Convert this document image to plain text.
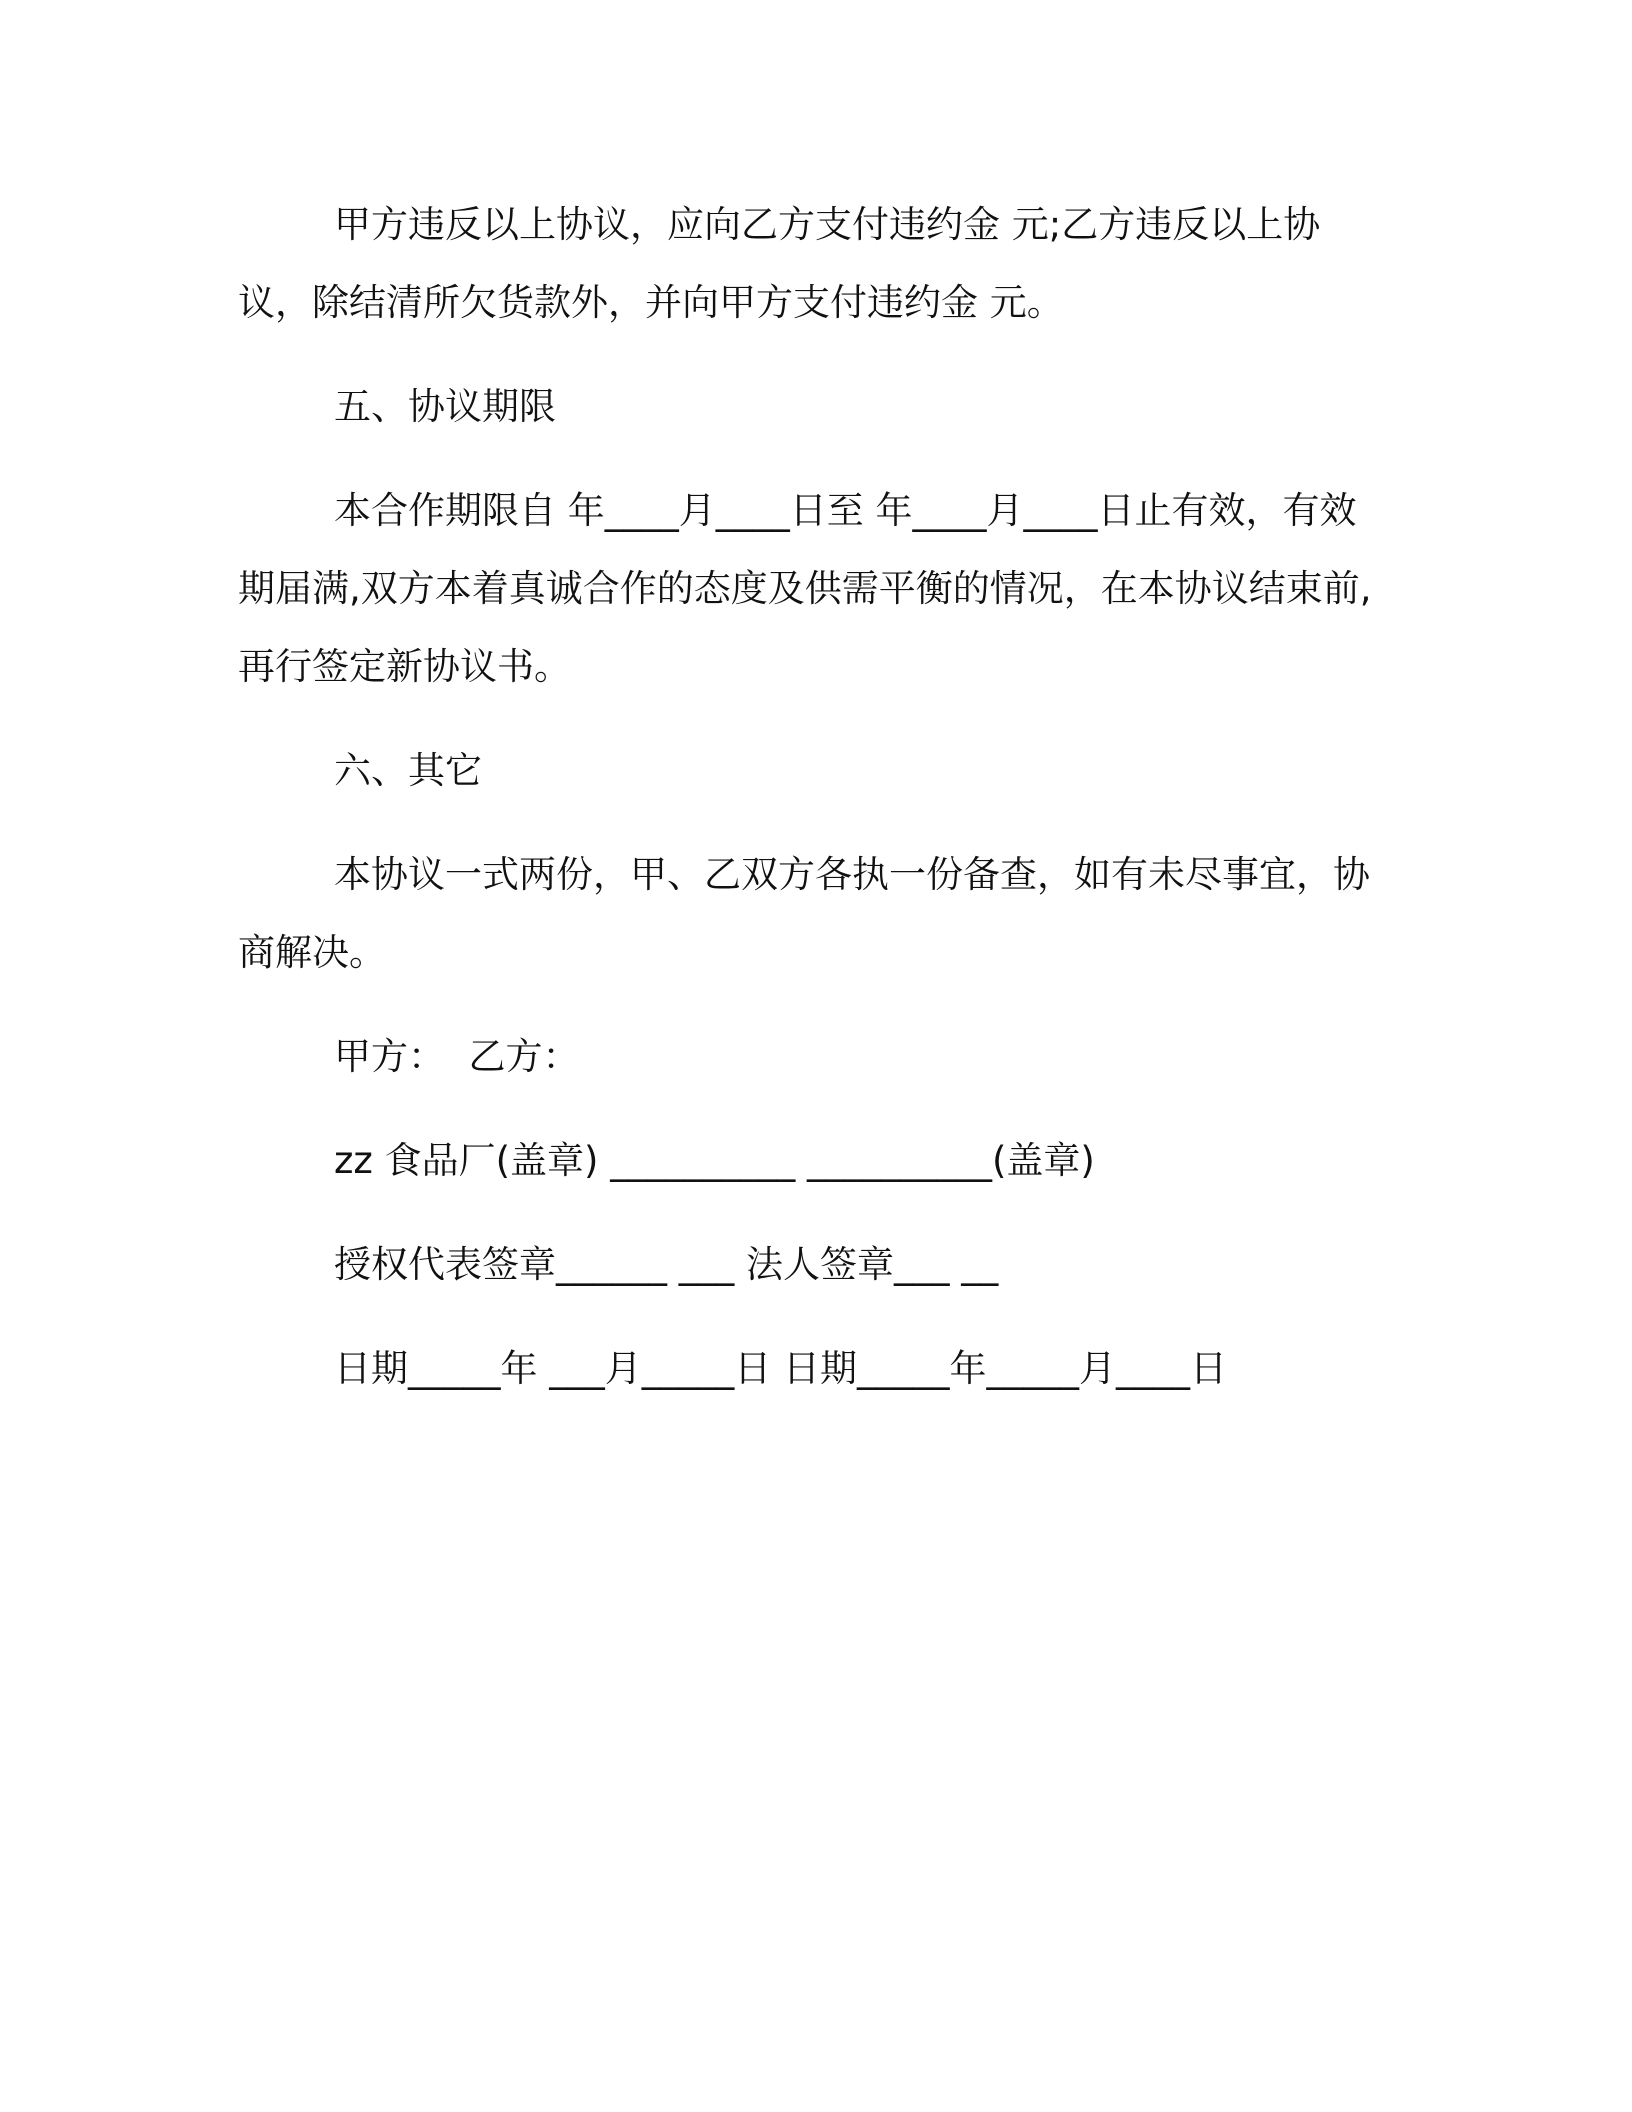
甲方违反以上协议，应向乙方支付违约金 元;乙方违反以上协议，除结清所欠货款外，并向甲方支付违约金 元。

五、协议期限

本合作期限自 年____月____日至 年____月____日止有效，有效期届满,双方本着真诚合作的态度及供需平衡的情况，在本协议结束前,再行签定新协议书。

六、其它

本协议一式两份，甲、乙双方各执一份备查，如有未尽事宜，协商解决。

甲方：  乙方：

zz 食品厂(盖章) __________ __________(盖章)

授权代表签章______ ___ 法人签章___ __

日期_____年 ___月_____日 日期_____年_____月____日
